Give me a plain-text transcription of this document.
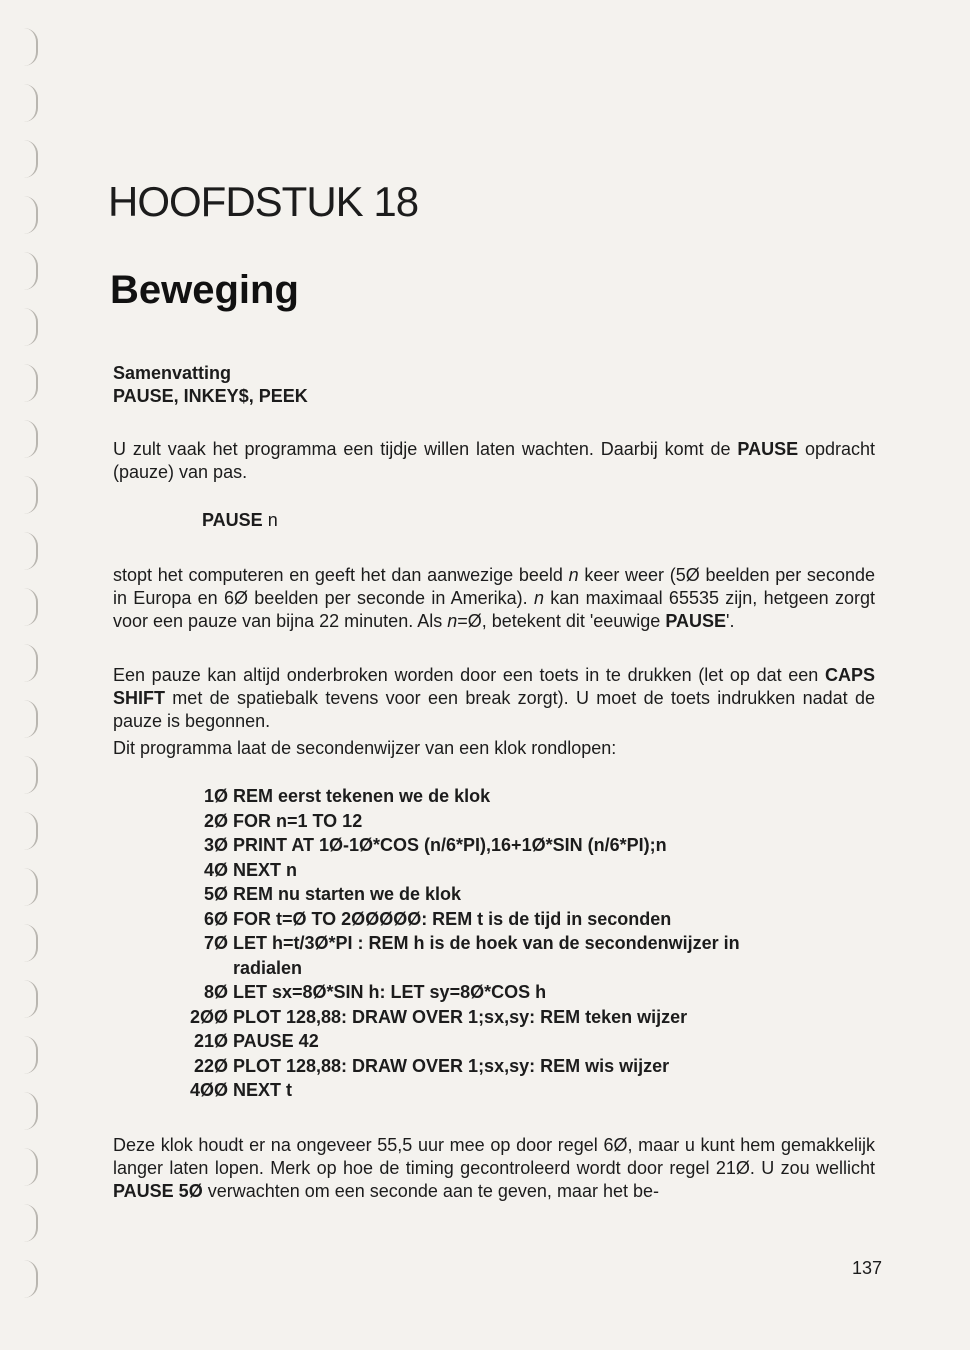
HOOFDSTUK 18
Beweging
Samenvatting
PAUSE, INKEY$, PEEK
U zult vaak het programma een tijdje willen laten wachten. Daarbij komt de PAUSE opdracht (pauze) van pas.
PAUSE n
stopt het computeren en geeft het dan aanwezige beeld n keer weer (5Ø beelden per seconde in Europa en 6Ø beelden per seconde in Amerika). n kan maximaal 65535 zijn, hetgeen zorgt voor een pauze van bijna 22 minuten. Als n=Ø, betekent dit 'eeuwige PAUSE'.
Een pauze kan altijd onderbroken worden door een toets in te drukken (let op dat een CAPS SHIFT met de spatiebalk tevens voor een break zorgt). U moet de toets indrukken nadat de pauze is begonnen.
Dit programma laat de secondenwijzer van een klok rondlopen:
1Ø REM eerst tekenen we de klok
2Ø FOR n=1 TO 12
3Ø PRINT AT 1Ø-1Ø*COS (n/6*PI),16+1Ø*SIN (n/6*PI);n
4Ø NEXT n
5Ø REM nu starten we de klok
6Ø FOR t=Ø TO 2ØØØØØ: REM t is de tijd in seconden
7Ø LET h=t/3Ø*PI : REM h is de hoek van de secondenwijzer in
radialen
8Ø LET sx=8Ø*SIN h: LET sy=8Ø*COS h
2ØØ PLOT 128,88: DRAW OVER 1;sx,sy: REM teken wijzer
21Ø PAUSE 42
22Ø PLOT 128,88: DRAW OVER 1;sx,sy: REM wis wijzer
4ØØ NEXT t
Deze klok houdt er na ongeveer 55,5 uur mee op door regel 6Ø, maar u kunt hem gemakkelijk langer laten lopen. Merk op hoe de timing gecontroleerd wordt door regel 21Ø. U zou wellicht PAUSE 5Ø verwachten om een seconde aan te geven, maar het be-
137
